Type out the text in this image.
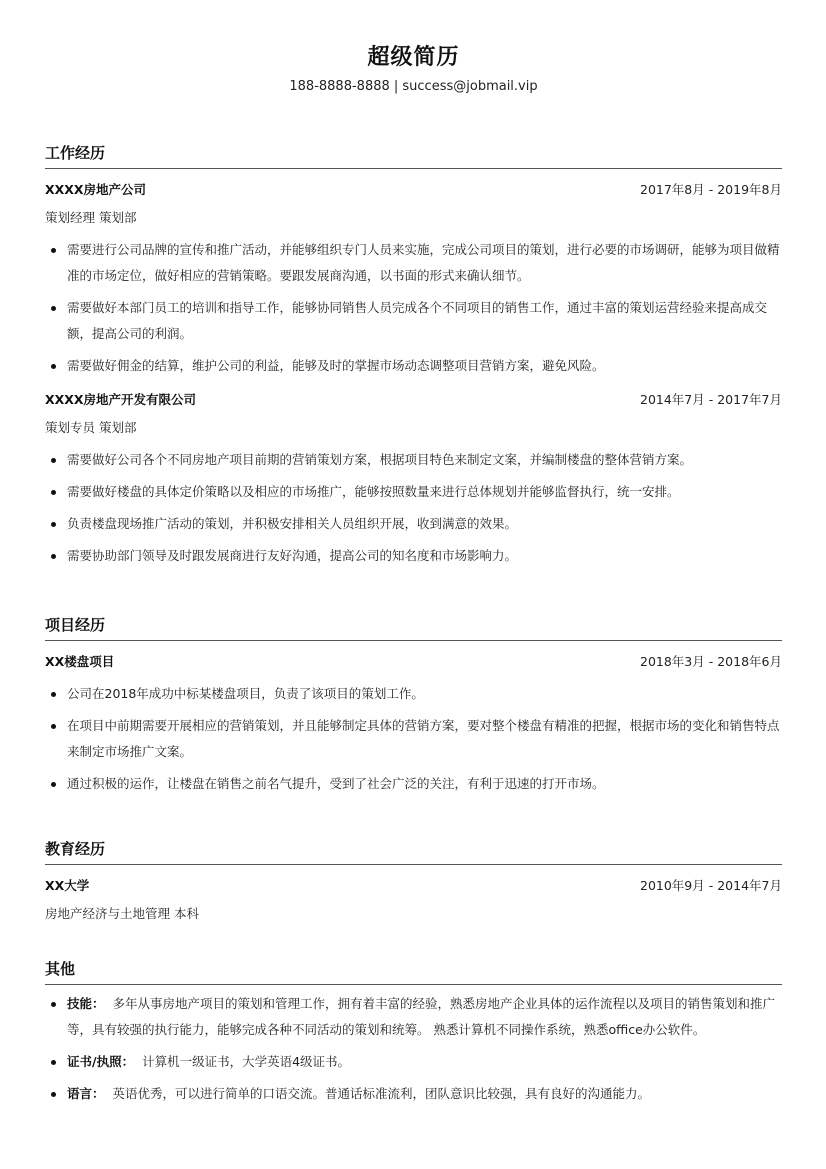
超级简历
188-8888-8888 | success@jobmail.vip
工作经历
XXXX房地产公司	2017年8月 - 2019年8月
策划经理 策划部
需要进行公司品牌的宣传和推广活动，并能够组织专门人员来实施，完成公司项目的策划，进行必要的市场调研，能够为项目做精准的市场定位，做好相应的营销策略。要跟发展商沟通，以书面的形式来确认细节。
需要做好本部门员工的培训和指导工作，能够协同销售人员完成各个不同项目的销售工作，通过丰富的策划运营经验来提高成交额，提高公司的利润。
需要做好佣金的结算，维护公司的利益，能够及时的掌握市场动态调整项目营销方案，避免风险。
XXXX房地产开发有限公司	2014年7月 - 2017年7月
策划专员 策划部
需要做好公司各个不同房地产项目前期的营销策划方案，根据项目特色来制定文案，并编制楼盘的整体营销方案。
需要做好楼盘的具体定价策略以及相应的市场推广，能够按照数量来进行总体规划并能够监督执行，统一安排。
负责楼盘现场推广活动的策划，并积极安排相关人员组织开展，收到满意的效果。
需要协助部门领导及时跟发展商进行友好沟通，提高公司的知名度和市场影响力。
项目经历
XX楼盘项目	2018年3月 - 2018年6月
公司在2018年成功中标某楼盘项目，负责了该项目的策划工作。
在项目中前期需要开展相应的营销策划，并且能够制定具体的营销方案，要对整个楼盘有精准的把握，根据市场的变化和销售特点来制定市场推广文案。
通过积极的运作，让楼盘在销售之前名气提升，受到了社会广泛的关注，有利于迅速的打开市场。
教育经历
XX大学	2010年9月 - 2014年7月
房地产经济与土地管理 本科
其他
技能： 多年从事房地产项目的策划和管理工作，拥有着丰富的经验，熟悉房地产企业具体的运作流程以及项目的销售策划和推广等，具有较强的执行能力，能够完成各种不同活动的策划和统筹。 熟悉计算机不同操作系统，熟悉office办公软件。
证书/执照： 计算机一级证书，大学英语4级证书。
语言： 英语优秀，可以进行简单的口语交流。普通话标准流利，团队意识比较强，具有良好的沟通能力。
